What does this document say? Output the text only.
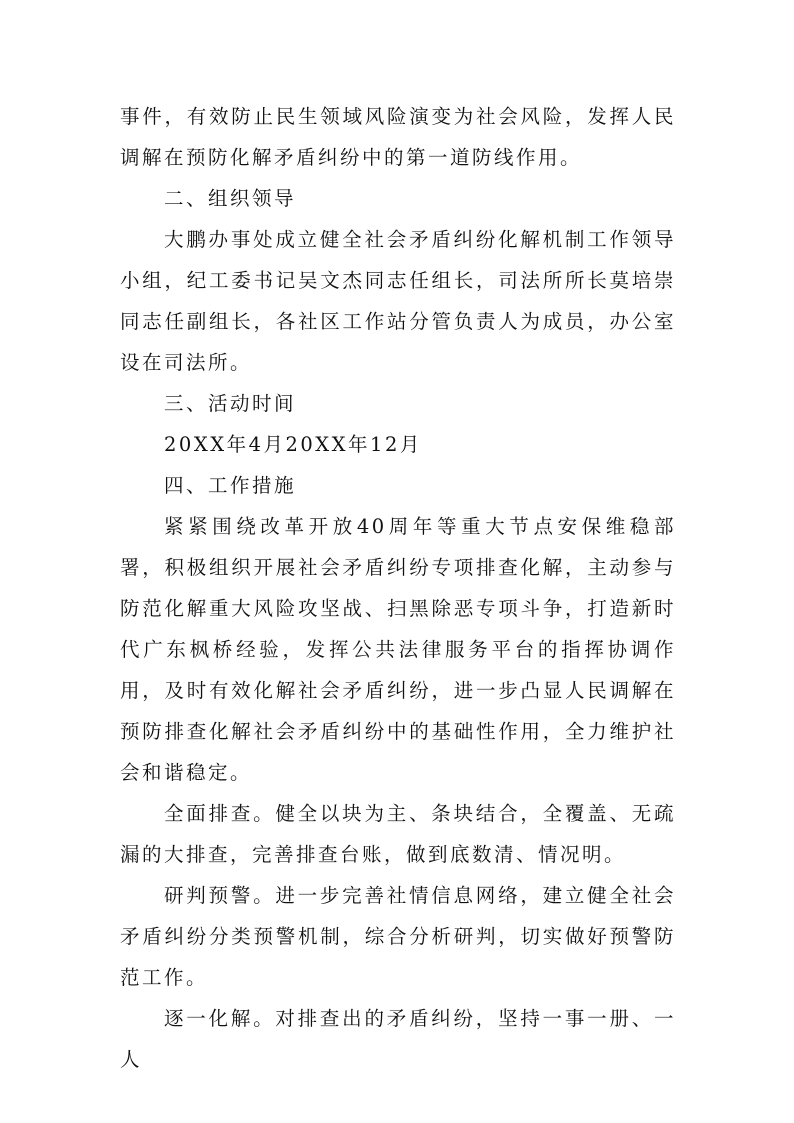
事件，有效防止民生领域风险演变为社会风险，发挥人民调解在预防化解矛盾纠纷中的第一道防线作用。

二、组织领导

大鹏办事处成立健全社会矛盾纠纷化解机制工作领导小组，纪工委书记吴文杰同志任组长，司法所所长莫培崇同志任副组长，各社区工作站分管负责人为成员，办公室设在司法所。

三、活动时间

20XX年4月20XX年12月

四、工作措施

紧紧围绕改革开放40周年等重大节点安保维稳部署，积极组织开展社会矛盾纠纷专项排查化解，主动参与防范化解重大风险攻坚战、扫黑除恶专项斗争，打造新时代广东枫桥经验，发挥公共法律服务平台的指挥协调作用，及时有效化解社会矛盾纠纷，进一步凸显人民调解在预防排查化解社会矛盾纠纷中的基础性作用，全力维护社会和谐稳定。

全面排查。健全以块为主、条块结合，全覆盖、无疏漏的大排查，完善排查台账，做到底数清、情况明。

研判预警。进一步完善社情信息网络，建立健全社会矛盾纠纷分类预警机制，综合分析研判，切实做好预警防范工作。

逐一化解。对排查出的矛盾纠纷，坚持一事一册、一人
